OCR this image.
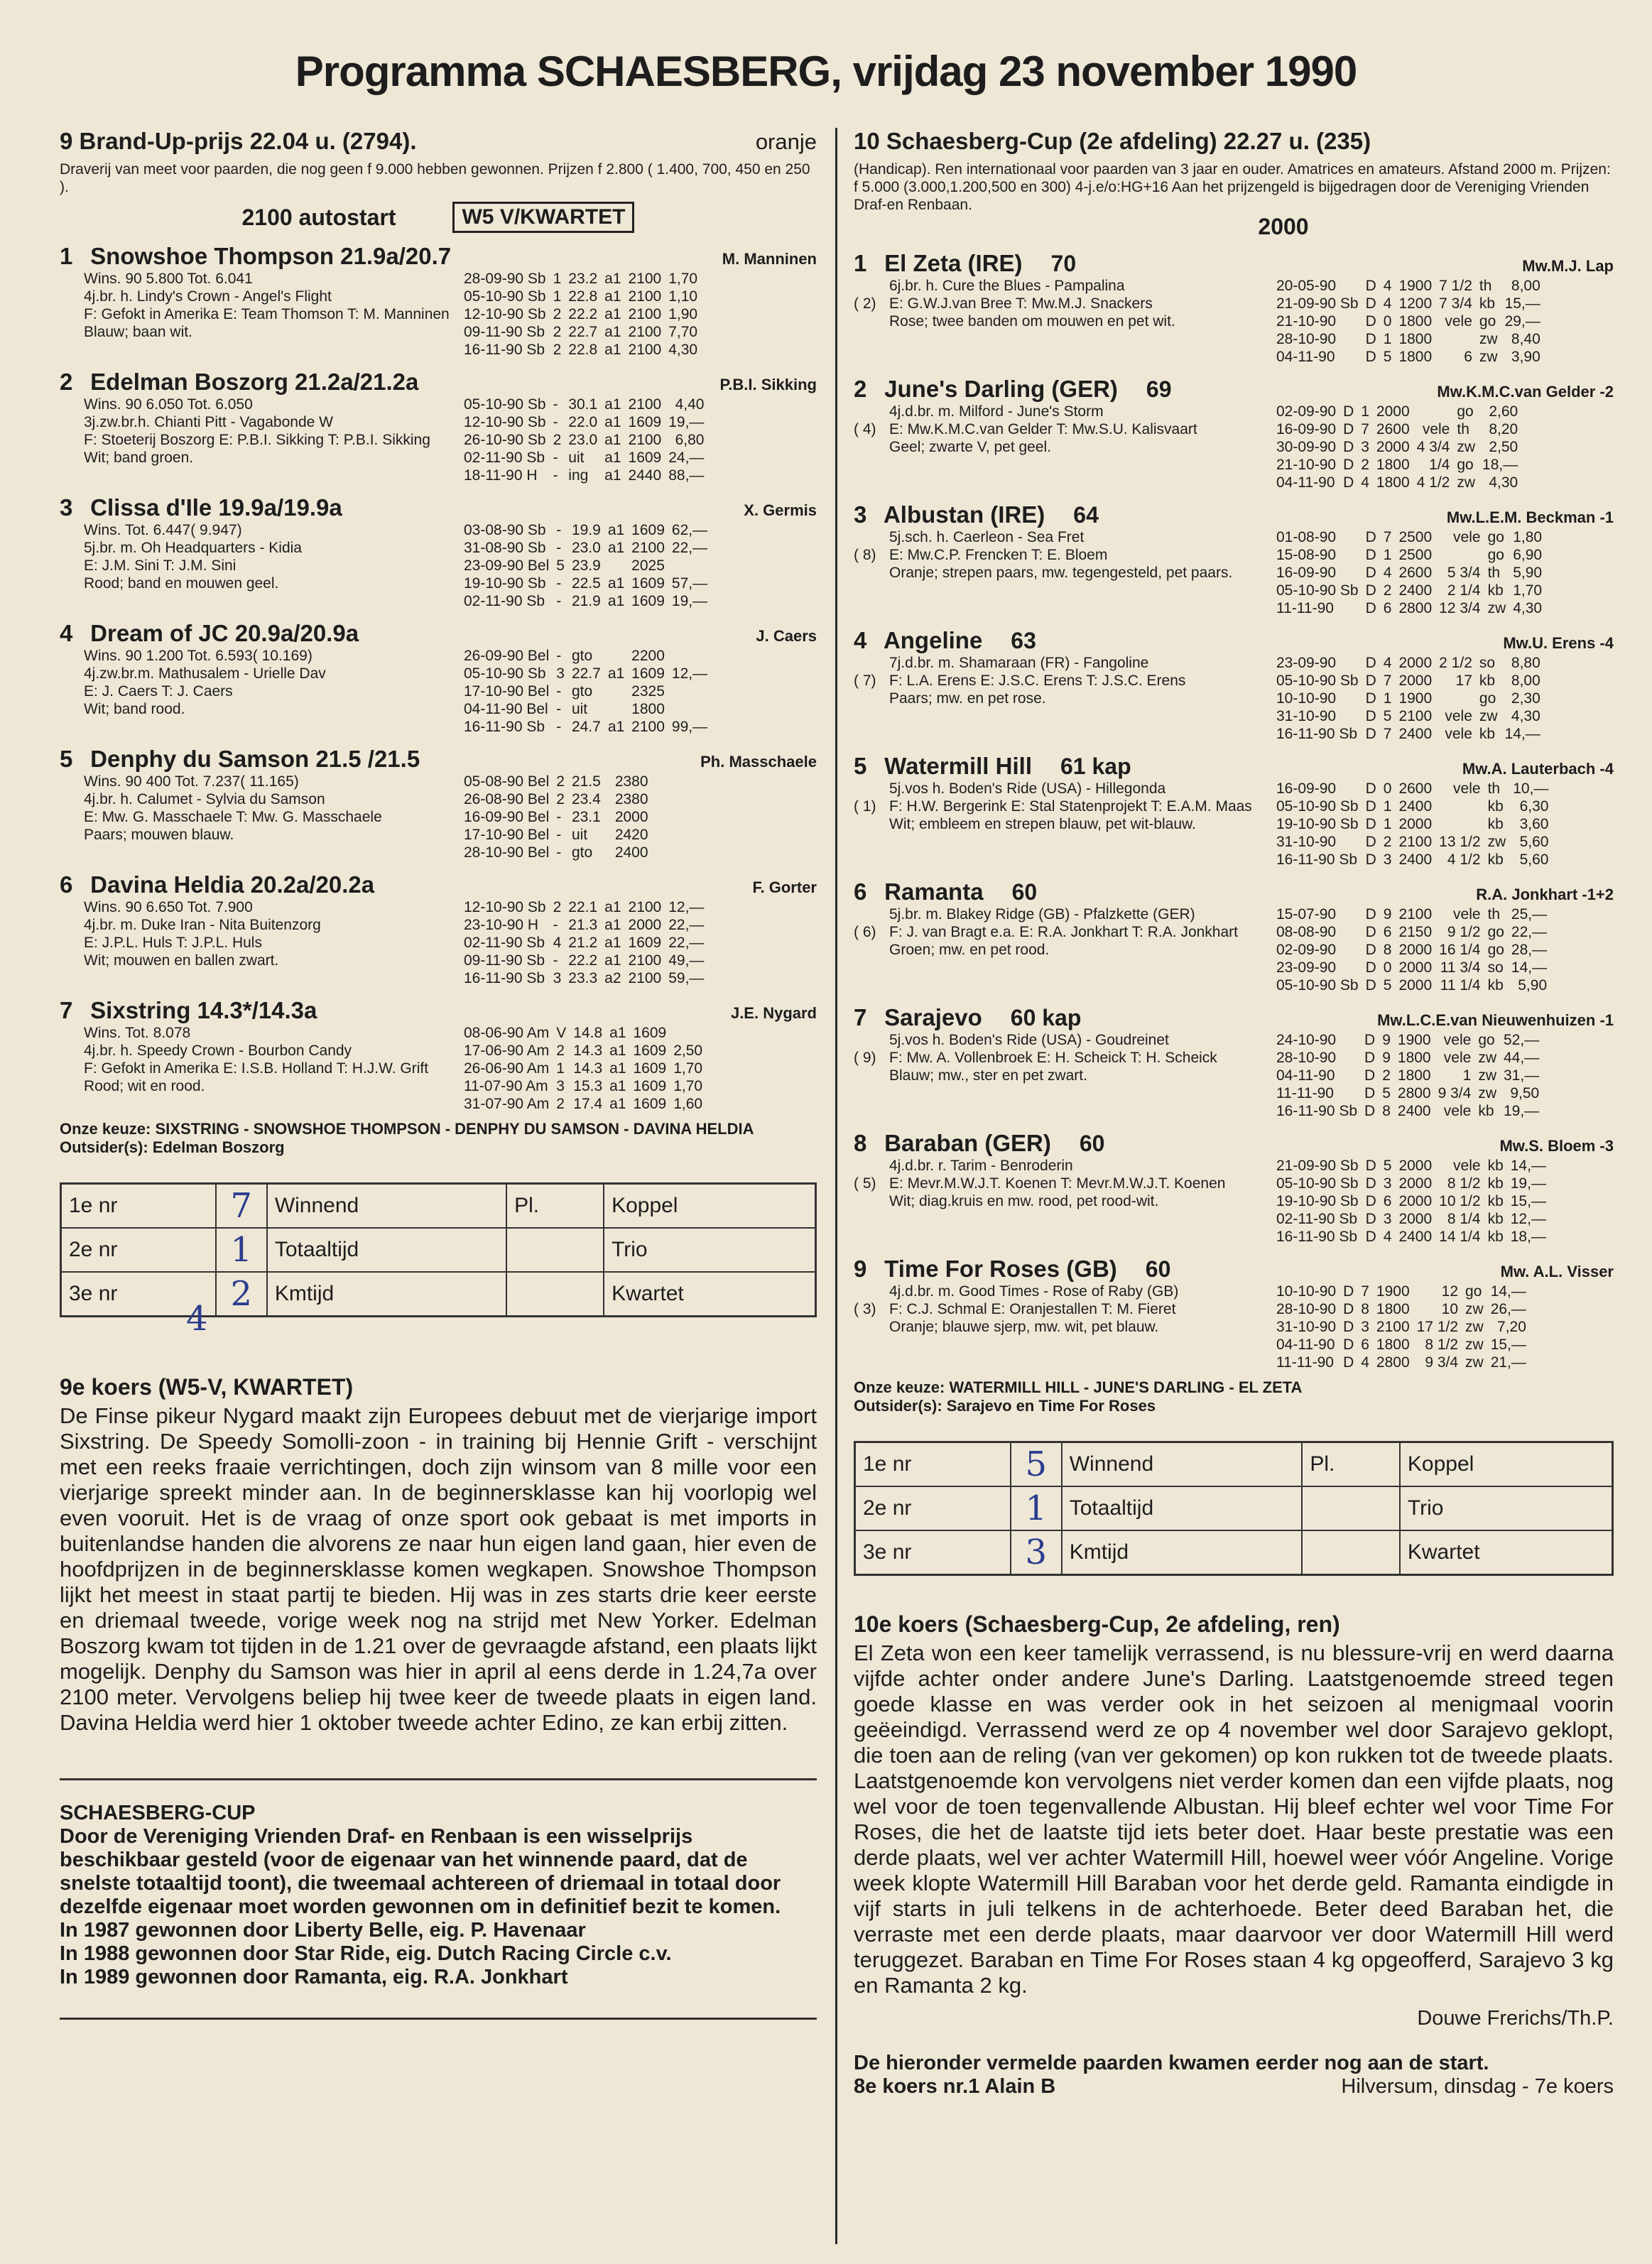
Programma SCHAESBERG, vrijdag 23 november 1990
9 Brand-Up-prijs 22.04 u. (2794).	oranje
Draverij van meet voor paarden, die nog geen f 9.000 hebben gewonnen. Prijzen f 2.800 ( 1.400, 700, 450 en 250 ).
2100 autostart	W5 V/KWARTET
1 Snowshoe Thompson 21.9a/20.7	M. Manninen
Wins. 90 5.800 Tot. 6.041
4j.br. h. Lindy's Crown - Angel's Flight
F: Gefokt in Amerika E: Team Thomson T: M. Manninen
Blauw; baan wit.
28-09-90 Sb	1	23.2	a1	2100	1,70
05-10-90 Sb	1	22.8	a1	2100	1,10
12-10-90 Sb	2	22.2	a1	2100	1,90
09-11-90 Sb	2	22.7	a1	2100	7,70
16-11-90 Sb	2	22.8	a1	2100	4,30
2 Edelman Boszorg 21.2a/21.2a	P.B.I. Sikking
Wins. 90 6.050 Tot. 6.050
3j.zw.br.h. Chianti Pitt - Vagabonde W
F: Stoeterij Boszorg E: P.B.I. Sikking T: P.B.I. Sikking
Wit; band groen.
05-10-90 Sb	-	30.1	a1	2100	4,40
12-10-90 Sb	-	22.0	a1	1609	19,—
26-10-90 Sb	2	23.0	a1	2100	6,80
02-11-90 Sb	-	uit	a1	1609	24,—
18-11-90 H	-	ing	a1	2440	88,—
3 Clissa d'Ile 19.9a/19.9a	X. Germis
Wins. Tot. 6.447( 9.947)
5j.br. m. Oh Headquarters - Kidia
E: J.M. Sini T: J.M. Sini
Rood; band en mouwen geel.
03-08-90 Sb	-	19.9	a1	1609	62,—
31-08-90 Sb	-	23.0	a1	2100	22,—
23-09-90 Bel	5	23.9		2025	
19-10-90 Sb	-	22.5	a1	1609	57,—
02-11-90 Sb	-	21.9	a1	1609	19,—
4 Dream of JC 20.9a/20.9a	J. Caers
Wins. 90 1.200 Tot. 6.593( 10.169)
4j.zw.br.m. Mathusalem - Urielle Dav
E: J. Caers T: J. Caers
Wit; band rood.
26-09-90 Bel	-	gto		2200	
05-10-90 Sb	3	22.7	a1	1609	12,—
17-10-90 Bel	-	gto		2325	
04-11-90 Bel	-	uit		1800	
16-11-90 Sb	-	24.7	a1	2100	99,—
5 Denphy du Samson 21.5 /21.5	Ph. Masschaele
Wins. 90 400 Tot. 7.237( 11.165)
4j.br. h. Calumet - Sylvia du Samson
E: Mw. G. Masschaele T: Mw. G. Masschaele
Paars; mouwen blauw.
05-08-90 Bel	2	21.5		2380	
26-08-90 Bel	2	23.4		2380	
16-09-90 Bel	-	23.1		2000	
17-10-90 Bel	-	uit		2420	
28-10-90 Bel	-	gto		2400	
6 Davina Heldia 20.2a/20.2a	F. Gorter
Wins. 90 6.650 Tot. 7.900
4j.br. m. Duke Iran - Nita Buitenzorg
E: J.P.L. Huls T: J.P.L. Huls
Wit; mouwen en ballen zwart.
12-10-90 Sb	2	22.1	a1	2100	12,—
23-10-90 H	-	21.3	a1	2000	22,—
02-11-90 Sb	4	21.2	a1	1609	22,—
09-11-90 Sb	-	22.2	a1	2100	49,—
16-11-90 Sb	3	23.3	a2	2100	59,—
7 Sixstring 14.3*/14.3a	J.E. Nygard
Wins. Tot. 8.078
4j.br. h. Speedy Crown - Bourbon Candy
F: Gefokt in Amerika E: I.S.B. Holland T: H.J.W. Grift
Rood; wit en rood.
08-06-90 Am	V	14.8	a1	1609	
17-06-90 Am	2	14.3	a1	1609	2,50
26-06-90 Am	1	14.3	a1	1609	1,70
11-07-90 Am	3	15.3	a1	1609	1,70
31-07-90 Am	2	17.4	a1	1609	1,60
Onze keuze: SIXSTRING - SNOWSHOE THOMPSON - DENPHY DU SAMSON - DAVINA HELDIA
Outsider(s): Edelman Boszorg
1e nr	7	Winnend	Pl.	Koppel
2e nr	1	Totaaltijd		Trio
3e nr	2	Kmtijd		Kwartet
4
9e koers (W5-V, KWARTET)
De Finse pikeur Nygard maakt zijn Europees debuut met de vierjarige import Sixstring. De Speedy Somolli-zoon - in training bij Hennie Grift - verschijnt met een reeks fraaie verrichtingen, doch zijn winsom van 8 mille voor een vierjarige spreekt minder aan. In de beginnersklasse kan hij voorlopig wel even vooruit. Het is de vraag of onze sport ook gebaat is met imports in buitenlandse handen die alvorens ze naar hun eigen land gaan, hier even de hoofdprijzen in de beginnersklasse komen wegkapen. Snowshoe Thompson lijkt het meest in staat partij te bieden. Hij was in zes starts drie keer eerste en driemaal tweede, vorige week nog na strijd met New Yorker. Edelman Boszorg kwam tot tijden in de 1.21 over de gevraagde afstand, een plaats lijkt mogelijk. Denphy du Samson was hier in april al eens derde in 1.24,7a over 2100 meter. Vervolgens beliep hij twee keer de tweede plaats in eigen land. Davina Heldia werd hier 1 oktober tweede achter Edino, ze kan erbij zitten.
SCHAESBERG-CUP
Door de Vereniging Vrienden Draf- en Renbaan is een wisselprijs beschikbaar gesteld (voor de eigenaar van het winnende paard, dat de snelste totaaltijd toont), die tweemaal achtereen of driemaal in totaal door dezelfde eigenaar moet worden gewonnen om in definitief bezit te komen.
In 1987 gewonnen door Liberty Belle, eig. P. Havenaar
In 1988 gewonnen door Star Ride, eig. Dutch Racing Circle c.v.
In 1989 gewonnen door Ramanta, eig. R.A. Jonkhart
10 Schaesberg-Cup (2e afdeling) 22.27 u. (235)
(Handicap). Ren internationaal voor paarden van 3 jaar en ouder. Amatrices en amateurs. Afstand 2000 m. Prijzen: f 5.000 (3.000,1.200,500 en 300) 4-j.e/o:HG+16 Aan het prijzengeld is bijgedragen door de Vereniging Vrienden Draf-en Renbaan.
2000
1 El Zeta (IRE) 70	Mw.M.J. Lap
( 2)
6j.br. h. Cure the Blues - Pampalina
E: G.W.J.van Bree T: Mw.M.J. Snackers
Rose; twee banden om mouwen en pet wit.
20-05-90	D	4	1900	7 1/2	th	8,00
21-09-90 Sb	D	4	1200	7 3/4	kb	15,—
21-10-90	D	0	1800	vele	go	29,—
28-10-90	D	1	1800		zw	8,40
04-11-90	D	5	1800	6	zw	3,90
2 June's Darling (GER) 69	Mw.K.M.C.van Gelder -2
( 4)
4j.d.br. m. Milford - June's Storm
E: Mw.K.M.C.van Gelder T: Mw.S.U. Kalisvaart
Geel; zwarte V, pet geel.
02-09-90	D	1	2000		go	2,60
16-09-90	D	7	2600	vele	th	8,20
30-09-90	D	3	2000	4 3/4	zw	2,50
21-10-90	D	2	1800	1/4	go	18,—
04-11-90	D	4	1800	4 1/2	zw	4,30
3 Albustan (IRE) 64	Mw.L.E.M. Beckman -1
( 8)
5j.sch. h. Caerleon - Sea Fret
E: Mw.C.P. Frencken T: E. Bloem
Oranje; strepen paars, mw. tegengesteld, pet paars.
01-08-90	D	7	2500	vele	go	1,80
15-08-90	D	1	2500		go	6,90
16-09-90	D	4	2600	5 3/4	th	5,90
05-10-90 Sb	D	2	2400	2 1/4	kb	1,70
11-11-90	D	6	2800	12 3/4	zw	4,30
4 Angeline 63	Mw.U. Erens -4
( 7)
7j.d.br. m. Shamaraan (FR) - Fangoline
F: L.A. Erens E: J.S.C. Erens T: J.S.C. Erens
Paars; mw. en pet rose.
23-09-90	D	4	2000	2 1/2	so	8,80
05-10-90 Sb	D	7	2000	17	kb	8,00
10-10-90	D	1	1900		go	2,30
31-10-90	D	5	2100	vele	zw	4,30
16-11-90 Sb	D	7	2400	vele	kb	14,—
5 Watermill Hill 61 kap	Mw.A. Lauterbach -4
( 1)
5j.vos h. Boden's Ride (USA) - Hillegonda
F: H.W. Bergerink E: Stal Statenprojekt T: E.A.M. Maas
Wit; embleem en strepen blauw, pet wit-blauw.
16-09-90	D	0	2600	vele	th	10,—
05-10-90 Sb	D	1	2400		kb	6,30
19-10-90 Sb	D	1	2000		kb	3,60
31-10-90	D	2	2100	13 1/2	zw	5,60
16-11-90 Sb	D	3	2400	4 1/2	kb	5,60
6 Ramanta 60	R.A. Jonkhart -1+2
( 6)
5j.br. m. Blakey Ridge (GB) - Pfalzkette (GER)
F: J. van Bragt e.a. E: R.A. Jonkhart T: R.A. Jonkhart
Groen; mw. en pet rood.
15-07-90	D	9	2100	vele	th	25,—
08-08-90	D	6	2150	9 1/2	go	22,—
02-09-90	D	8	2000	16 1/4	go	28,—
23-09-90	D	0	2000	11 3/4	so	14,—
05-10-90 Sb	D	5	2000	11 1/4	kb	5,90
7 Sarajevo 60 kap	Mw.L.C.E.van Nieuwenhuizen -1
( 9)
5j.vos h. Boden's Ride (USA) - Goudreinet
F: Mw. A. Vollenbroek E: H. Scheick T: H. Scheick
Blauw; mw., ster en pet zwart.
24-10-90	D	9	1900	vele	go	52,—
28-10-90	D	9	1800	vele	zw	44,—
04-11-90	D	2	1800	1	zw	31,—
11-11-90	D	5	2800	9 3/4	zw	9,50
16-11-90 Sb	D	8	2400	vele	kb	19,—
8 Baraban (GER) 60	Mw.S. Bloem -3
( 5)
4j.d.br. r. Tarim - Benroderin
E: Mevr.M.W.J.T. Koenen T: Mevr.M.W.J.T. Koenen
Wit; diag.kruis en mw. rood, pet rood-wit.
21-09-90 Sb	D	5	2000	vele	kb	14,—
05-10-90 Sb	D	3	2000	8 1/2	kb	19,—
19-10-90 Sb	D	6	2000	10 1/2	kb	15,—
02-11-90 Sb	D	3	2000	8 1/4	kb	12,—
16-11-90 Sb	D	4	2400	14 1/4	kb	18,—
9 Time For Roses (GB) 60	Mw. A.L. Visser
( 3)
4j.d.br. m. Good Times - Rose of Raby (GB)
F: C.J. Schmal E: Oranjestallen T: M. Fieret
Oranje; blauwe sjerp, mw. wit, pet blauw.
10-10-90	D	7	1900	12	go	14,—
28-10-90	D	8	1800	10	zw	26,—
31-10-90	D	3	2100	17 1/2	zw	7,20
04-11-90	D	6	1800	8 1/2	zw	15,—
11-11-90	D	4	2800	9 3/4	zw	21,—
Onze keuze: WATERMILL HILL - JUNE'S DARLING - EL ZETA
Outsider(s): Sarajevo en Time For Roses
1e nr	5	Winnend	Pl.	Koppel
2e nr	1	Totaaltijd		Trio
3e nr	3	Kmtijd		Kwartet
10e koers (Schaesberg-Cup, 2e afdeling, ren)
El Zeta won een keer tamelijk verrassend, is nu blessure-vrij en werd daarna vijfde achter onder andere June's Darling. Laatstgenoemde streed tegen goede klasse en was verder ook in het seizoen al menigmaal voorin geëeindigd. Verrassend werd ze op 4 november wel door Sarajevo geklopt, die toen aan de reling (van ver gekomen) op kon rukken tot de tweede plaats. Laatstgenoemde kon vervolgens niet verder komen dan een vijfde plaats, nog wel voor de toen tegenvallende Albustan. Hij bleef echter wel voor Time For Roses, die het de laatste tijd iets beter doet. Haar beste prestatie was een derde plaats, wel ver achter Watermill Hill, hoewel weer vóór Angeline. Vorige week klopte Watermill Hill Baraban voor het derde geld. Ramanta eindigde in vijf starts in juli telkens in de achterhoede. Beter deed Baraban het, die verraste met een derde plaats, maar daarvoor ver door Watermill Hill werd teruggezet. Baraban en Time For Roses staan 4 kg opgeofferd, Sarajevo 3 kg en Ramanta 2 kg.
Douwe Frerichs/Th.P.
De hieronder vermelde paarden kwamen eerder nog aan de start.
8e koers nr.1 Alain B	Hilversum, dinsdag - 7e koers
